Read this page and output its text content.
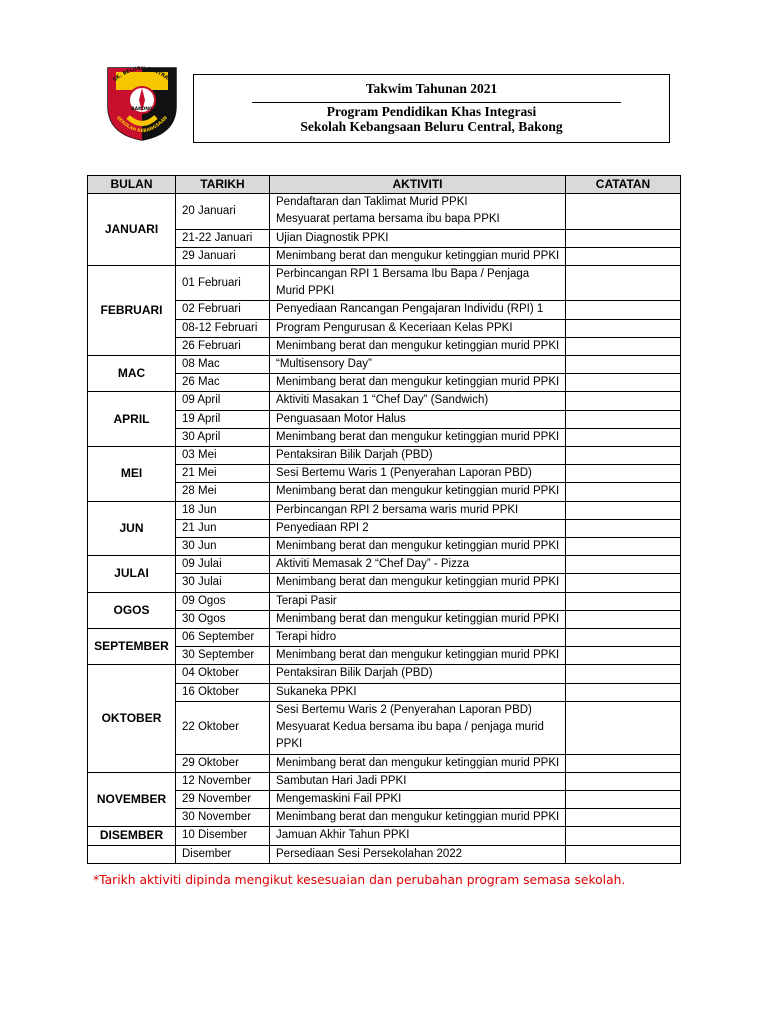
SK. BELURU CENTRAL
BAKONG
SEKOLAH KEBANGSAAN
Takwim Tahunan 2021
Program Pendidikan Khas Integrasi
Sekolah Kebangsaan Beluru Central, Bakong
BULAN	TARIKH	AKTIVITI	CATATAN
JANUARI	20 Januari	Pendaftaran dan Taklimat Murid PPKI
Mesyuarat pertama bersama ibu bapa PPKI	
	21-22 Januari	Ujian Diagnostik PPKI	
	29 Januari	Menimbang berat dan mengukur ketinggian murid PPKI	
FEBRUARI	01 Februari	Perbincangan RPI 1 Bersama Ibu Bapa / Penjaga
Murid PPKI	
	02 Februari	Penyediaan Rancangan Pengajaran Individu (RPI) 1	
	08-12 Februari	Program Pengurusan & Keceriaan Kelas PPKI	
	26 Februari	Menimbang berat dan mengukur ketinggian murid PPKI	
MAC	08 Mac	“Multisensory Day”	
	26 Mac	Menimbang berat dan mengukur ketinggian murid PPKI	
APRIL	09 April	Aktiviti Masakan 1 “Chef Day” (Sandwich)	
	19 April	Penguasaan Motor Halus	
	30 April	Menimbang berat dan mengukur ketinggian murid PPKI	
MEI	03 Mei	Pentaksiran Bilik Darjah (PBD)	
	21 Mei	Sesi Bertemu Waris 1 (Penyerahan Laporan PBD)	
	28 Mei	Menimbang berat dan mengukur ketinggian murid PPKI	
JUN	18 Jun	Perbincangan RPI 2 bersama waris murid PPKI	
	21 Jun	Penyediaan RPI 2	
	30 Jun	Menimbang berat dan mengukur ketinggian murid PPKI	
JULAI	09 Julai	Aktiviti Memasak 2 “Chef Day” - Pizza	
	30 Julai	Menimbang berat dan mengukur ketinggian murid PPKI	
OGOS	09 Ogos	Terapi Pasir	
	30 Ogos	Menimbang berat dan mengukur ketinggian murid PPKI	
SEPTEMBER	06 September	Terapi hidro	
	30 September	Menimbang berat dan mengukur ketinggian murid PPKI	
OKTOBER	04 Oktober	Pentaksiran Bilik Darjah (PBD)	
	16 Oktober	Sukaneka PPKI	
	22 Oktober	Sesi Bertemu Waris 2 (Penyerahan Laporan PBD)
Mesyuarat Kedua bersama ibu bapa / penjaga murid
PPKI	
	29 Oktober	Menimbang berat dan mengukur ketinggian murid PPKI	
NOVEMBER	12 November	Sambutan Hari Jadi PPKI	
	29 November	Mengemaskini Fail PPKI	
	30 November	Menimbang berat dan mengukur ketinggian murid PPKI	
DISEMBER	10 Disember	Jamuan Akhir Tahun PPKI	
	Disember	Persediaan Sesi Persekolahan 2022	
*Tarikh aktiviti dipinda mengikut kesesuaian dan perubahan program semasa sekolah.
